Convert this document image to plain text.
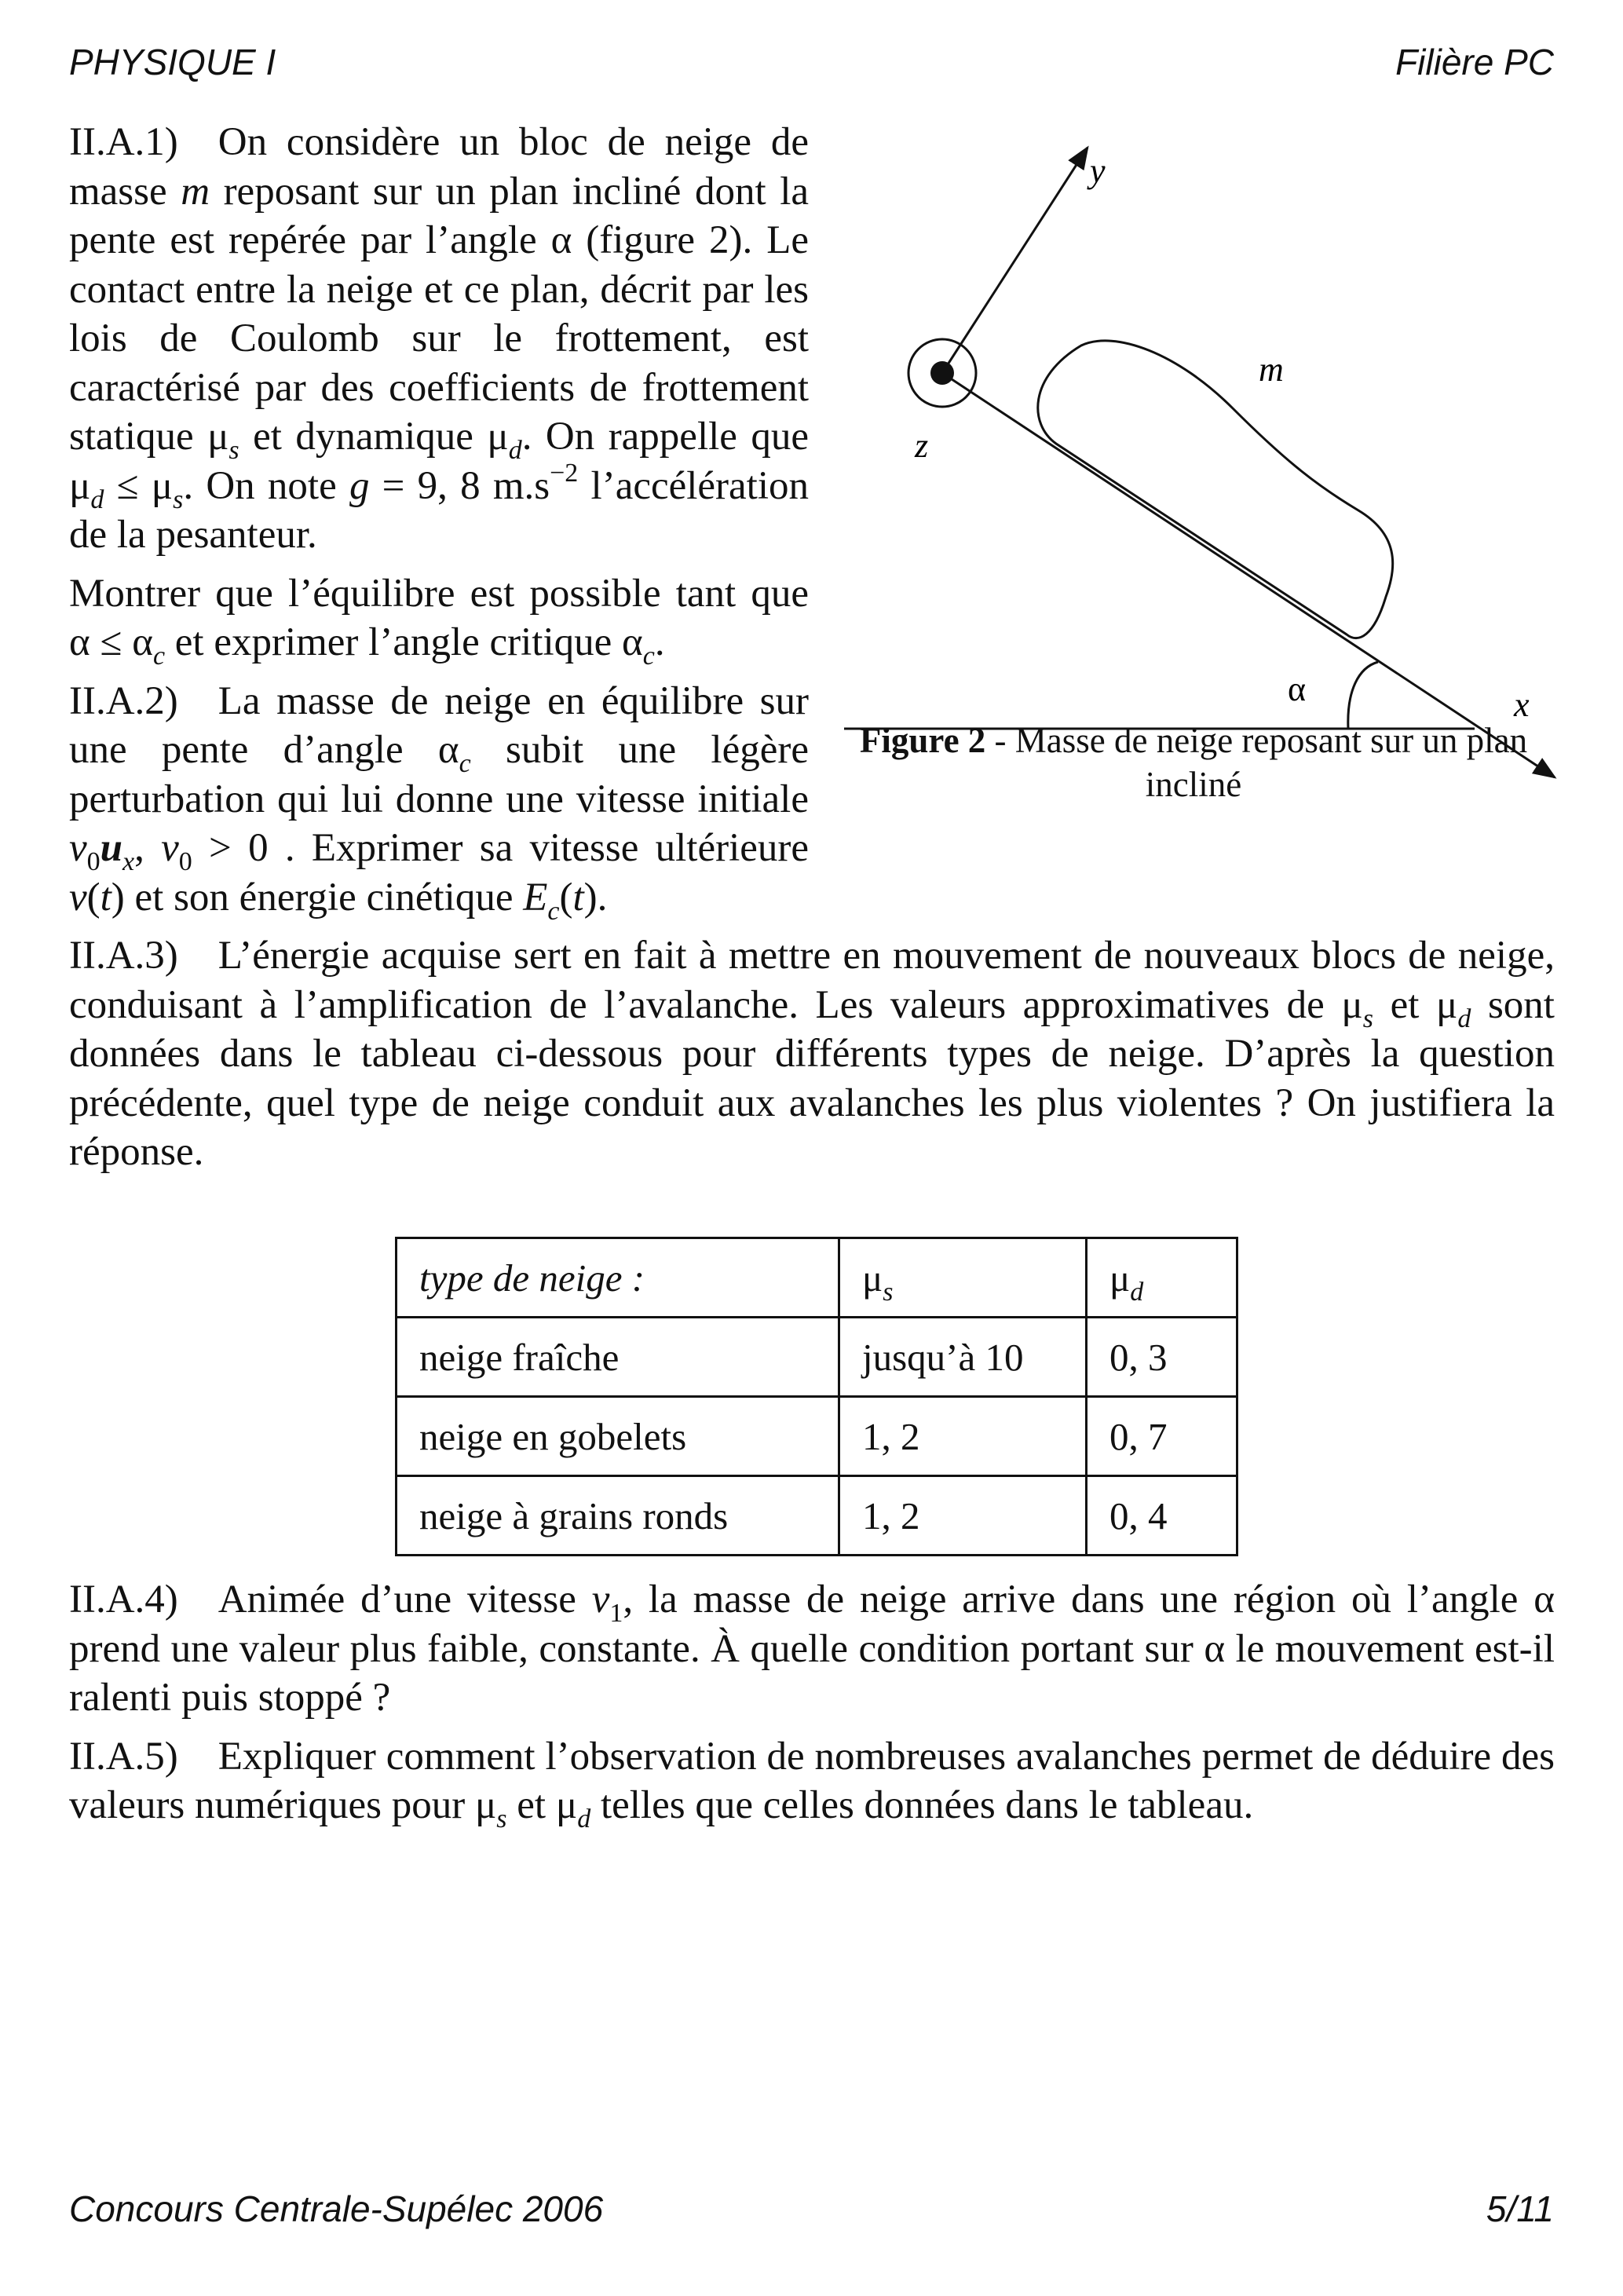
PHYSIQUE I	Filière PC
y
m
z
α	x
Figure 2 - Masse de neige reposant sur un plan incliné

II.A.1) On considère un bloc de neige de masse m reposant sur un plan incliné dont la pente est repérée par l’angle α (figure 2). Le contact entre la neige et ce plan, décrit par les lois de Coulomb sur le frottement, est caractérisé par des coefficients de frottement statique $\mu_s$ et dynamique $\mu_d$. On rappelle que $\mu_d \le \mu_s$. On note g = 9, 8 $m.s^{-2}$ l’accélération de la pesanteur.

Montrer que l’équilibre est possible tant que $\alpha \le \alpha_c$ et exprimer l’angle critique $\alpha_c$.

II.A.2) La masse de neige en équilibre sur une pente d’angle $\alpha_c$ subit une légère perturbation qui lui donne une vitesse initiale $v_0u_x$, $v_0 > 0$ . Exprimer sa vitesse ultérieure v(t) et son énergie cinétique $E_c(t)$.

II.A.3) L’énergie acquise sert en fait à mettre en mouvement de nouveaux blocs de neige, conduisant à l’amplification de l’avalanche. Les valeurs approximatives de $\mu_s$ et $\mu_d$ sont données dans le tableau ci-dessous pour différents types de neige. D’après la question précédente, quel type de neige conduit aux avalanches les plus violentes ? On justifiera la réponse.

type de neige :	$\mu_s$	$\mu_d$
neige fraîche	jusqu’à 10	0, 3
neige en gobelets	1, 2	0, 7
neige à grains ronds	1, 2	0, 4

II.A.4) Animée d’une vitesse $v_1$, la masse de neige arrive dans une région où l’angle α prend une valeur plus faible, constante. À quelle condition portant sur α le mouvement est-il ralenti puis stoppé ?

II.A.5) Expliquer comment l’observation de nombreuses avalanches permet de déduire des valeurs numériques pour $\mu_s$ et $\mu_d$ telles que celles données dans le tableau.

Concours Centrale-Supélec 2006	5/11
